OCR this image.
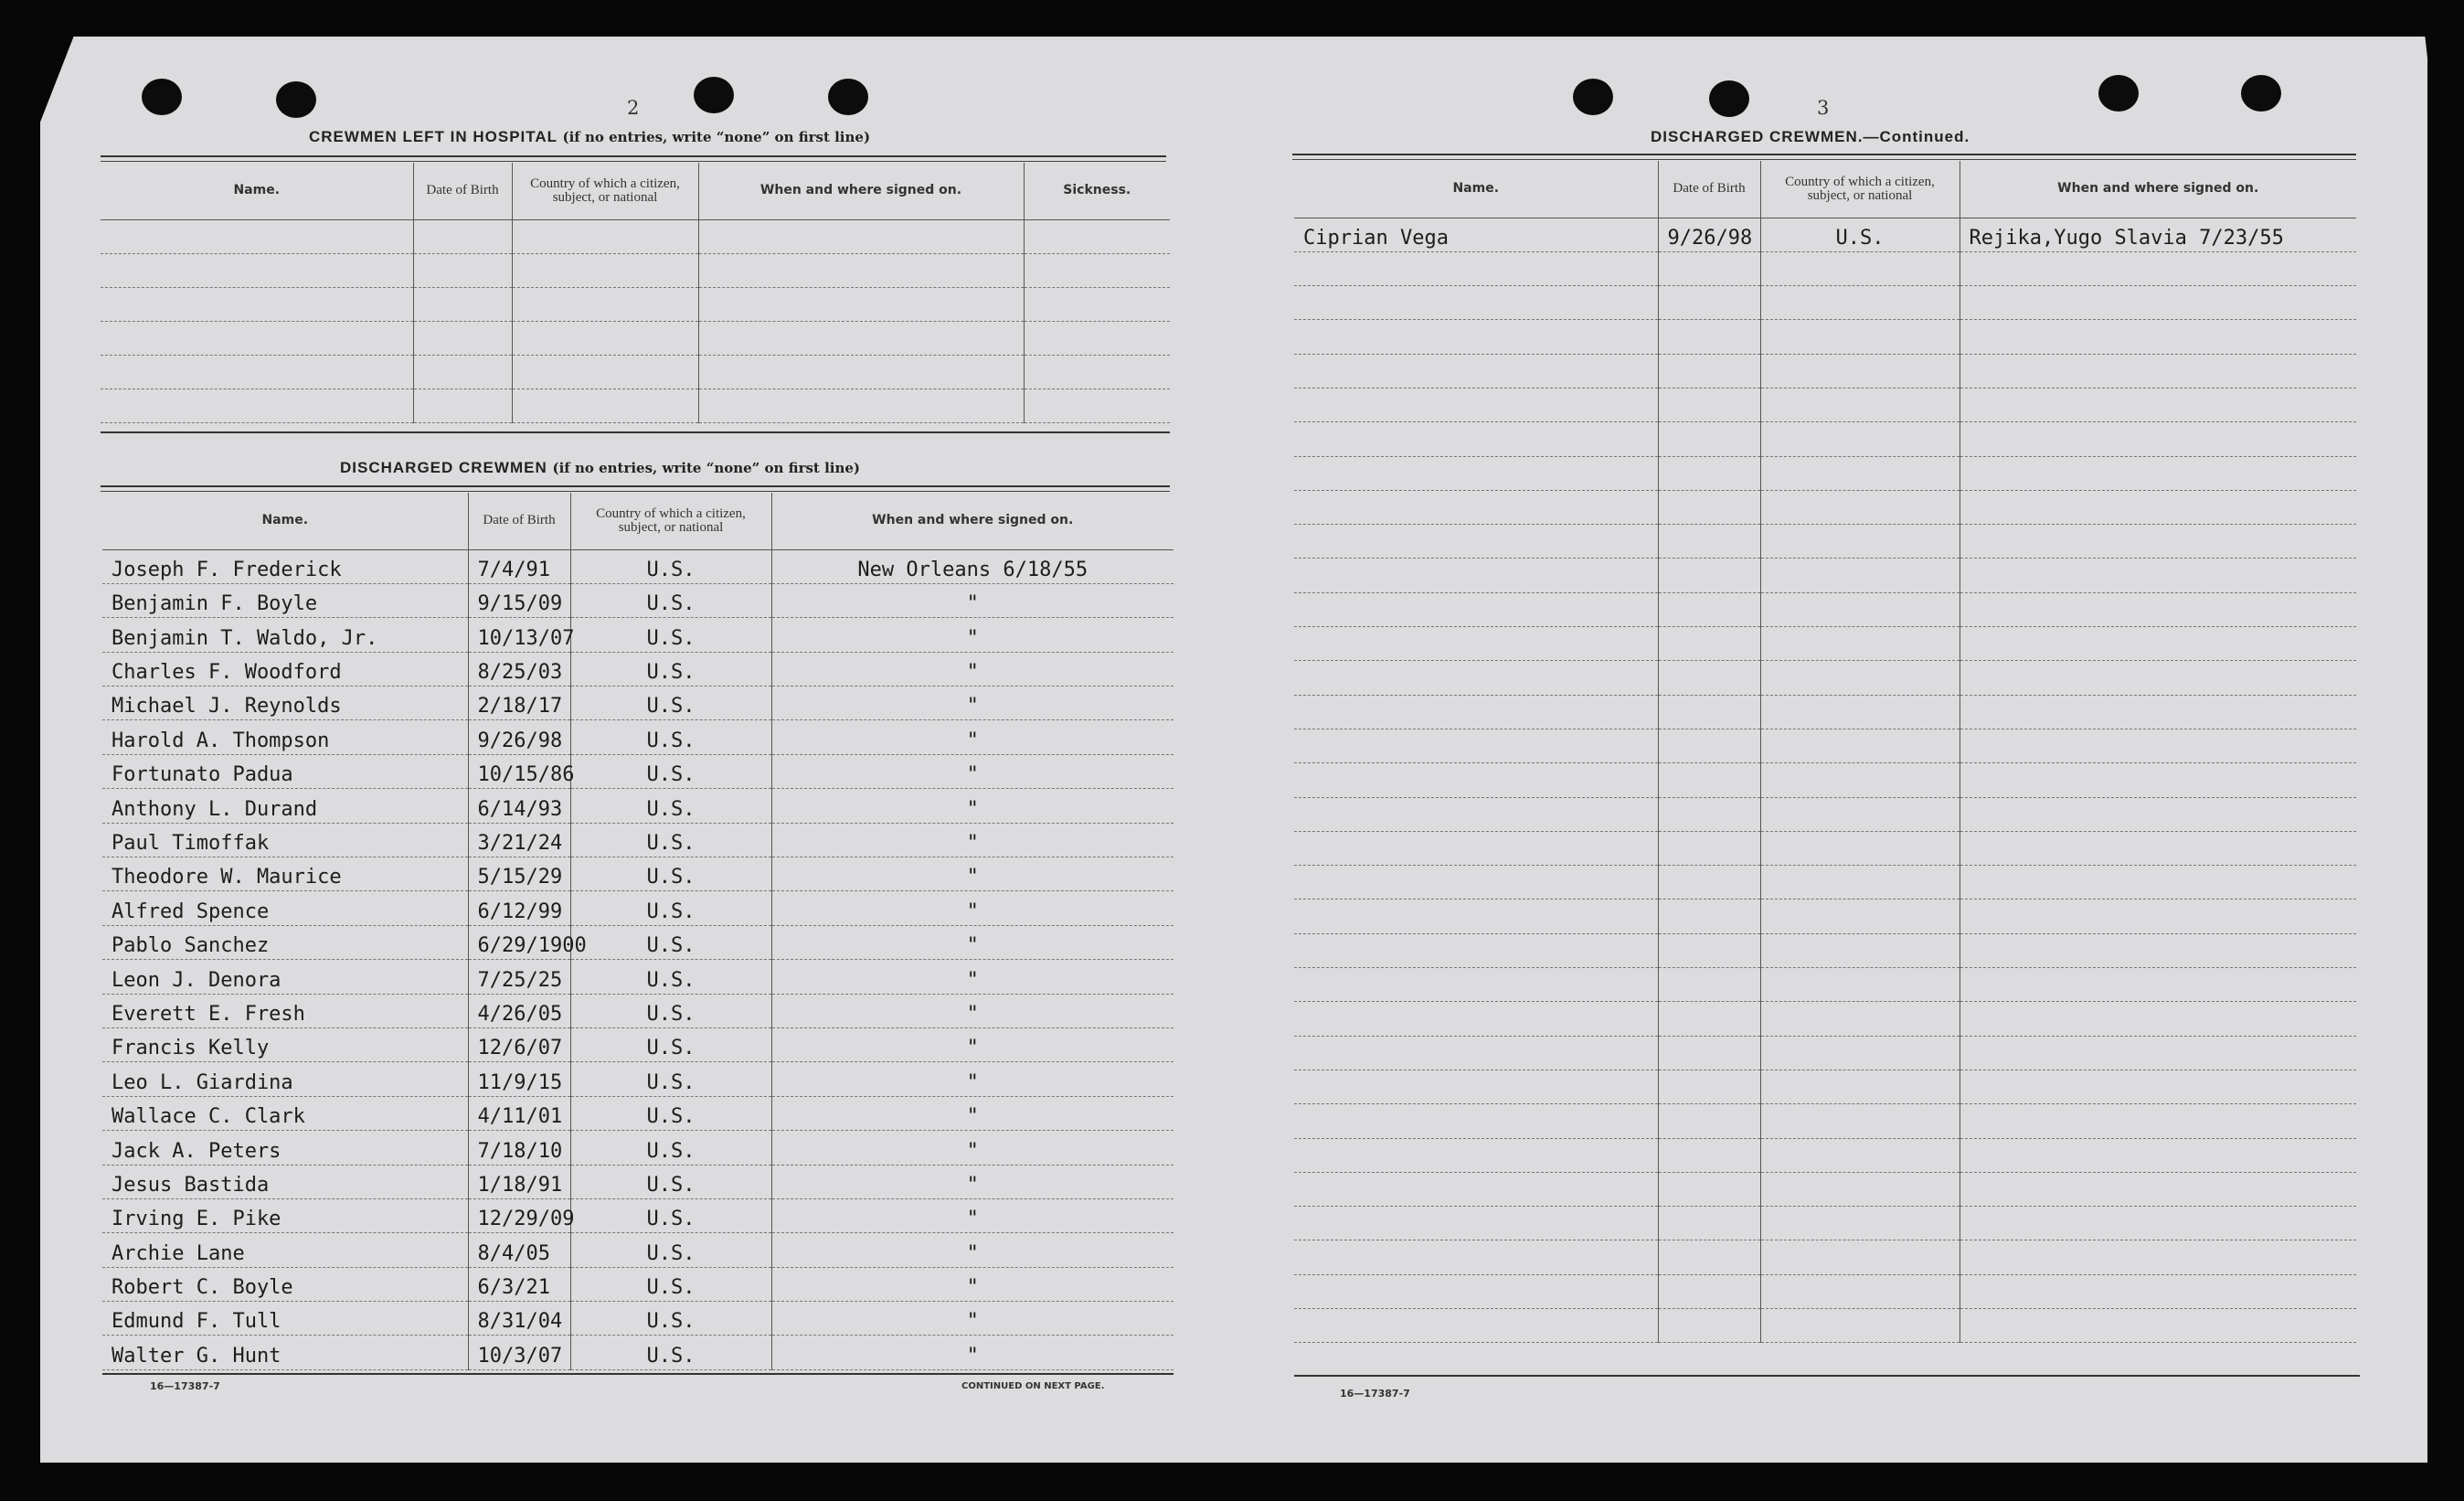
2
CREWMEN LEFT IN HOSPITAL (if no entries, write “none” on first line)
Name.	Date of Birth	Country of which a citizen, subject, or national	When and where signed on.	Sickness.

DISCHARGED CREWMEN (if no entries, write “none” on first line)
Name.	Date of Birth	Country of which a citizen, subject, or national	When and where signed on.
Joseph F. Frederick	7/4/91	U.S.	New Orleans 6/18/55
Benjamin F. Boyle	9/15/09	U.S.	"
Benjamin T. Waldo, Jr.	10/13/07	U.S.	"
Charles F. Woodford	8/25/03	U.S.	"
Michael J. Reynolds	2/18/17	U.S.	"
Harold A. Thompson	9/26/98	U.S.	"
Fortunato Padua	10/15/86	U.S.	"
Anthony L. Durand	6/14/93	U.S.	"
Paul Timoffak	3/21/24	U.S.	"
Theodore W. Maurice	5/15/29	U.S.	"
Alfred Spence	6/12/99	U.S.	"
Pablo Sanchez	6/29/1900	U.S.	"
Leon J. Denora	7/25/25	U.S.	"
Everett E. Fresh	4/26/05	U.S.	"
Francis Kelly	12/6/07	U.S.	"
Leo L. Giardina	11/9/15	U.S.	"
Wallace C. Clark	4/11/01	U.S.	"
Jack A. Peters	7/18/10	U.S.	"
Jesus Bastida	1/18/91	U.S.	"
Irving E. Pike	12/29/09	U.S.	"
Archie Lane	8/4/05	U.S.	"
Robert C. Boyle	6/3/21	U.S.	"
Edmund F. Tull	8/31/04	U.S.	"
Walter G. Hunt	10/3/07	U.S.	"
16—17387-7	CONTINUED ON NEXT PAGE.
3
DISCHARGED CREWMEN.—Continued.
Name.	Date of Birth	Country of which a citizen, subject, or national	When and where signed on.
Ciprian Vega	9/26/98	U.S.	Rejika,Yugo Slavia 7/23/55

16—17387-7
